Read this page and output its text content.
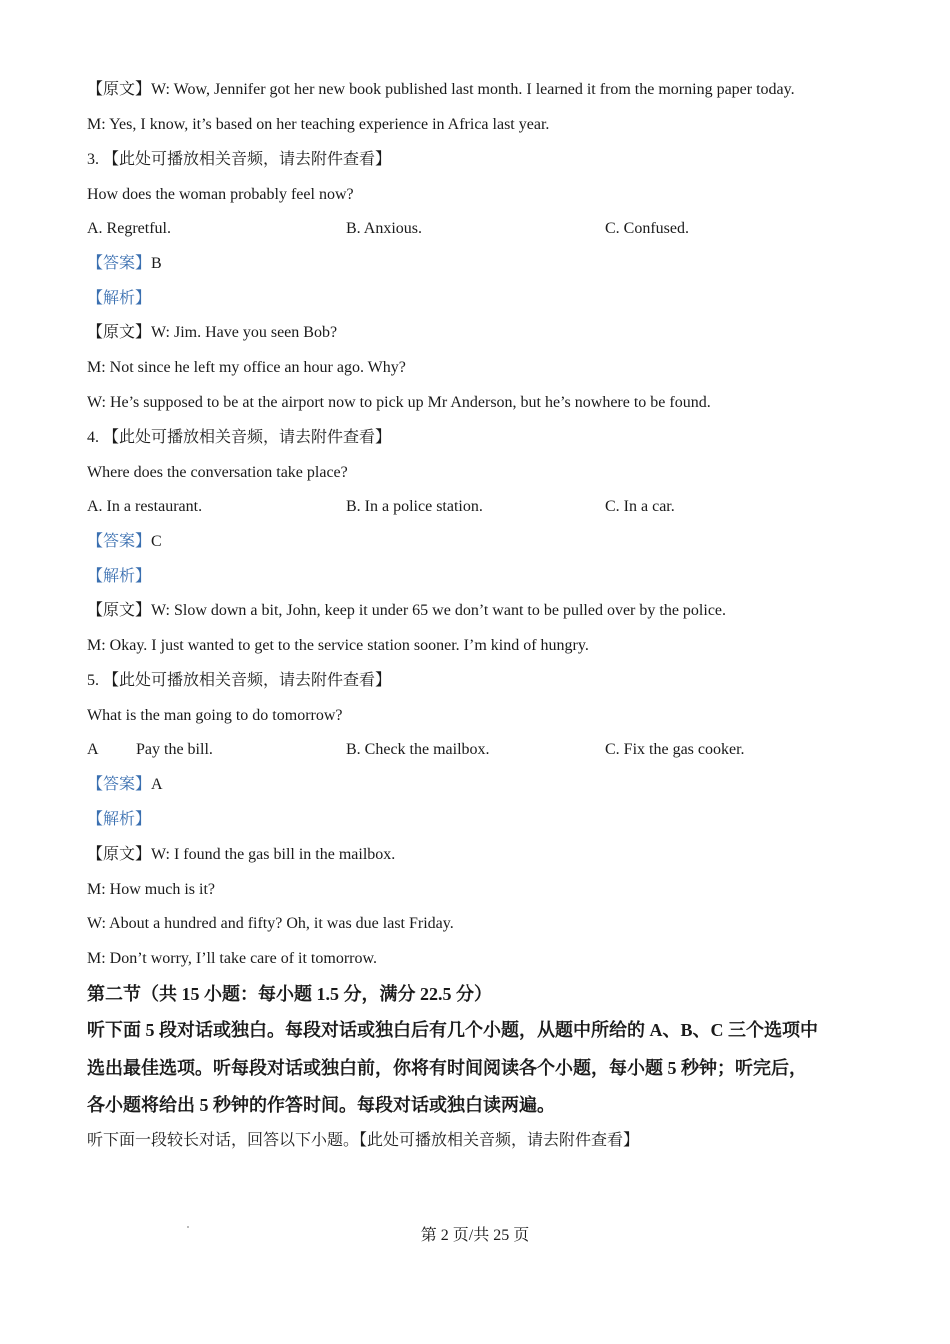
【原文】W: Wow, Jennifer got her new book published last month. I learned it from the morning paper today.
M: Yes, I know, it’s based on her teaching experience in Africa last year.
3. 【此处可播放相关音频，请去附件查看】
How does the woman probably feel now?
A. Regretful.	B. Anxious.	C. Confused.
【答案】B
【解析】
【原文】W: Jim. Have you seen Bob?
M: Not since he left my office an hour ago. Why?
W: He’s supposed to be at the airport now to pick up Mr Anderson, but he’s nowhere to be found.
4. 【此处可播放相关音频，请去附件查看】
Where does the conversation take place?
A. In a restaurant.	B. In a police station.	C. In a car.
【答案】C
【解析】
【原文】W: Slow down a bit, John, keep it under 65 we don’t want to be pulled over by the police.
M: Okay. I just wanted to get to the service station sooner. I’m kind of hungry.
5. 【此处可播放相关音频，请去附件查看】
What is the man going to do tomorrow?
A Pay the bill.	B. Check the mailbox.	C. Fix the gas cooker.
【答案】A
【解析】
【原文】W: I found the gas bill in the mailbox.
M: How much is it?
W: About a hundred and fifty? Oh, it was due last Friday.
M: Don’t worry, I’ll take care of it tomorrow.
第二节（共 15 小题：每小题 1.5 分，满分 22.5 分）
听下面 5 段对话或独白。每段对话或独白后有几个小题，从题中所给的 A、B、C 三个选项中
选出最佳选项。听每段对话或独白前，你将有时间阅读各个小题，每小题 5 秒钟；听完后，
各小题将给出 5 秒钟的作答时间。每段对话或独白读两遍。
听下面一段较长对话，回答以下小题。【此处可播放相关音频，请去附件查看】
第 2 页/共 25 页
